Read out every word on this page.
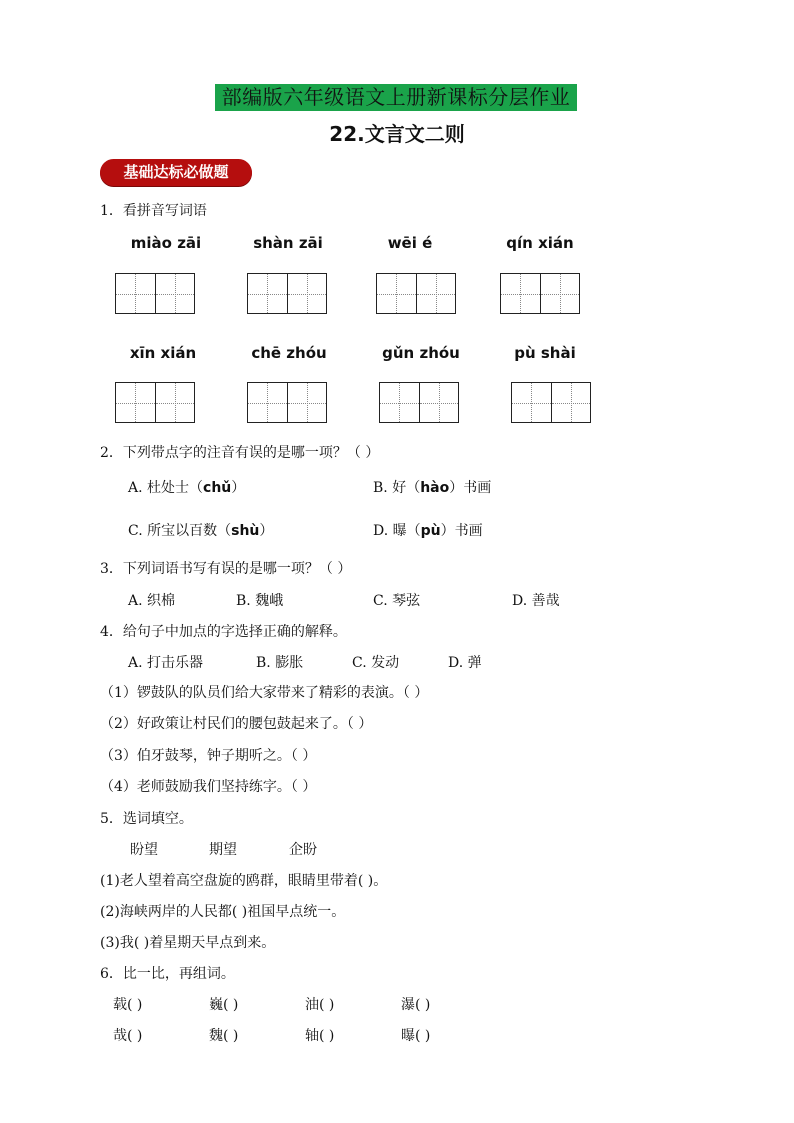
部编版六年级语文上册新课标分层作业
22.文言文二则
基础达标必做题
1．看拼音写词语
miào zāi	shàn zāi	wēi é	qín xián
xīn xián	chē zhóu	gǔn zhóu	pù shài
2．下列带点字的注音有误的是哪一项？（ ）
A. 杜处士（chǔ）	B. 好（hào）书画
C. 所宝以百数（shù）	D. 曝（pù）书画
3．下列词语书写有误的是哪一项？（ ）
A. 织棉	B. 魏峨	C. 琴弦	D. 善哉
4．给句子中加点的字选择正确的解释。
A. 打击乐器	B. 膨胀	C. 发动	D. 弹
（1）锣鼓队的队员们给大家带来了精彩的表演。（ ）
（2）好政策让村民们的腰包鼓起来了。（ ）
（3）伯牙鼓琴，钟子期听之。（ ）
（4）老师鼓励我们坚持练字。（ ）
5．选词填空。
盼望	期望	企盼
(1)老人望着高空盘旋的鸥群，眼睛里带着( )。
(2)海峡两岸的人民都( )祖国早点统一。
(3)我( )着星期天早点到来。
6．比一比，再组词。
载( )	巍( )	油( )	瀑( )
哉( )	魏( )	轴( )	曝( )
